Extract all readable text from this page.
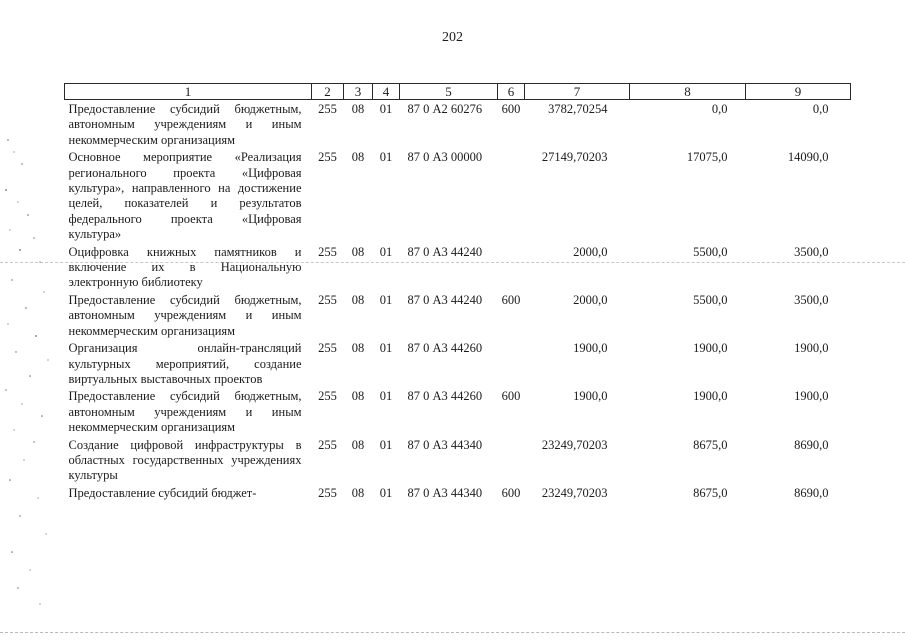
202
1	2	3	4	5	6	7	8	9
Предоставление субсидий бюджетным, автономным учреждениям и иным некоммерческим организациям	255	08	01	87 0 А2 60276	600	3782,70254	0,0	0,0
Основное мероприятие «Реализация регионального проекта «Цифровая культура», направленного на достижение целей, показателей и результатов федерального проекта «Цифровая культура»	255	08	01	87 0 А3 00000		27149,70203	17075,0	14090,0
Оцифровка книжных памятников и включение их в Национальную электронную библиотеку	255	08	01	87 0 А3 44240		2000,0	5500,0	3500,0
Предоставление субсидий бюджетным, автономным учреждениям и иным некоммерческим организациям	255	08	01	87 0 А3 44240	600	2000,0	5500,0	3500,0
Организация онлайн-трансляций культурных мероприятий, создание виртуальных выставочных проектов	255	08	01	87 0 А3 44260		1900,0	1900,0	1900,0
Предоставление субсидий бюджетным, автономным учреждениям и иным некоммерческим организациям	255	08	01	87 0 А3 44260	600	1900,0	1900,0	1900,0
Создание цифровой инфраструктуры в областных государственных учреждениях культуры	255	08	01	87 0 А3 44340		23249,70203	8675,0	8690,0
Предоставление субсидий бюджет-	255	08	01	87 0 А3 44340	600	23249,70203	8675,0	8690,0
